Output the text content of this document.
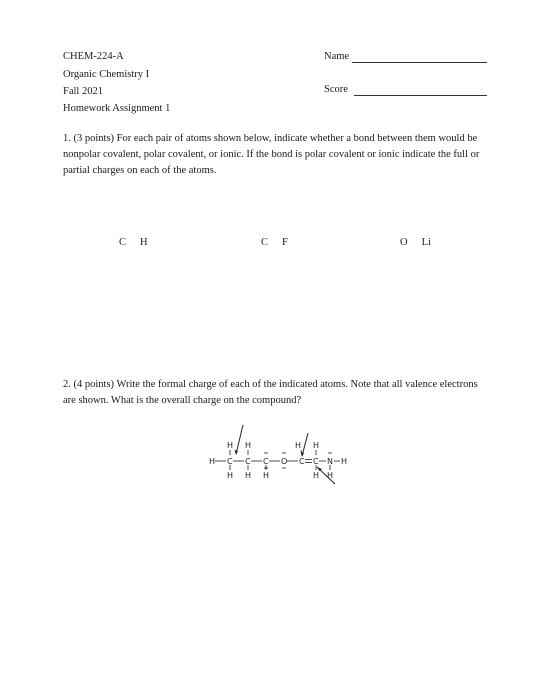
CHEM-224-A
Organic Chemistry I
Fall 2021
Homework Assignment 1
Name
Score
1. (3 points) For each pair of atoms shown below, indicate whether a bond between them would be nonpolar covalent, polar covalent, or ionic. If the bond is polar covalent or ionic indicate the full or partial charges on each of the atoms.
C H	C F	O Li
2. (4 points) Write the formal charge of each of the indicated atoms. Note that all valence electrons are shown. What is the overall charge on the compound?
H C C C O C C N
H H	H H
H H H	H H
H
